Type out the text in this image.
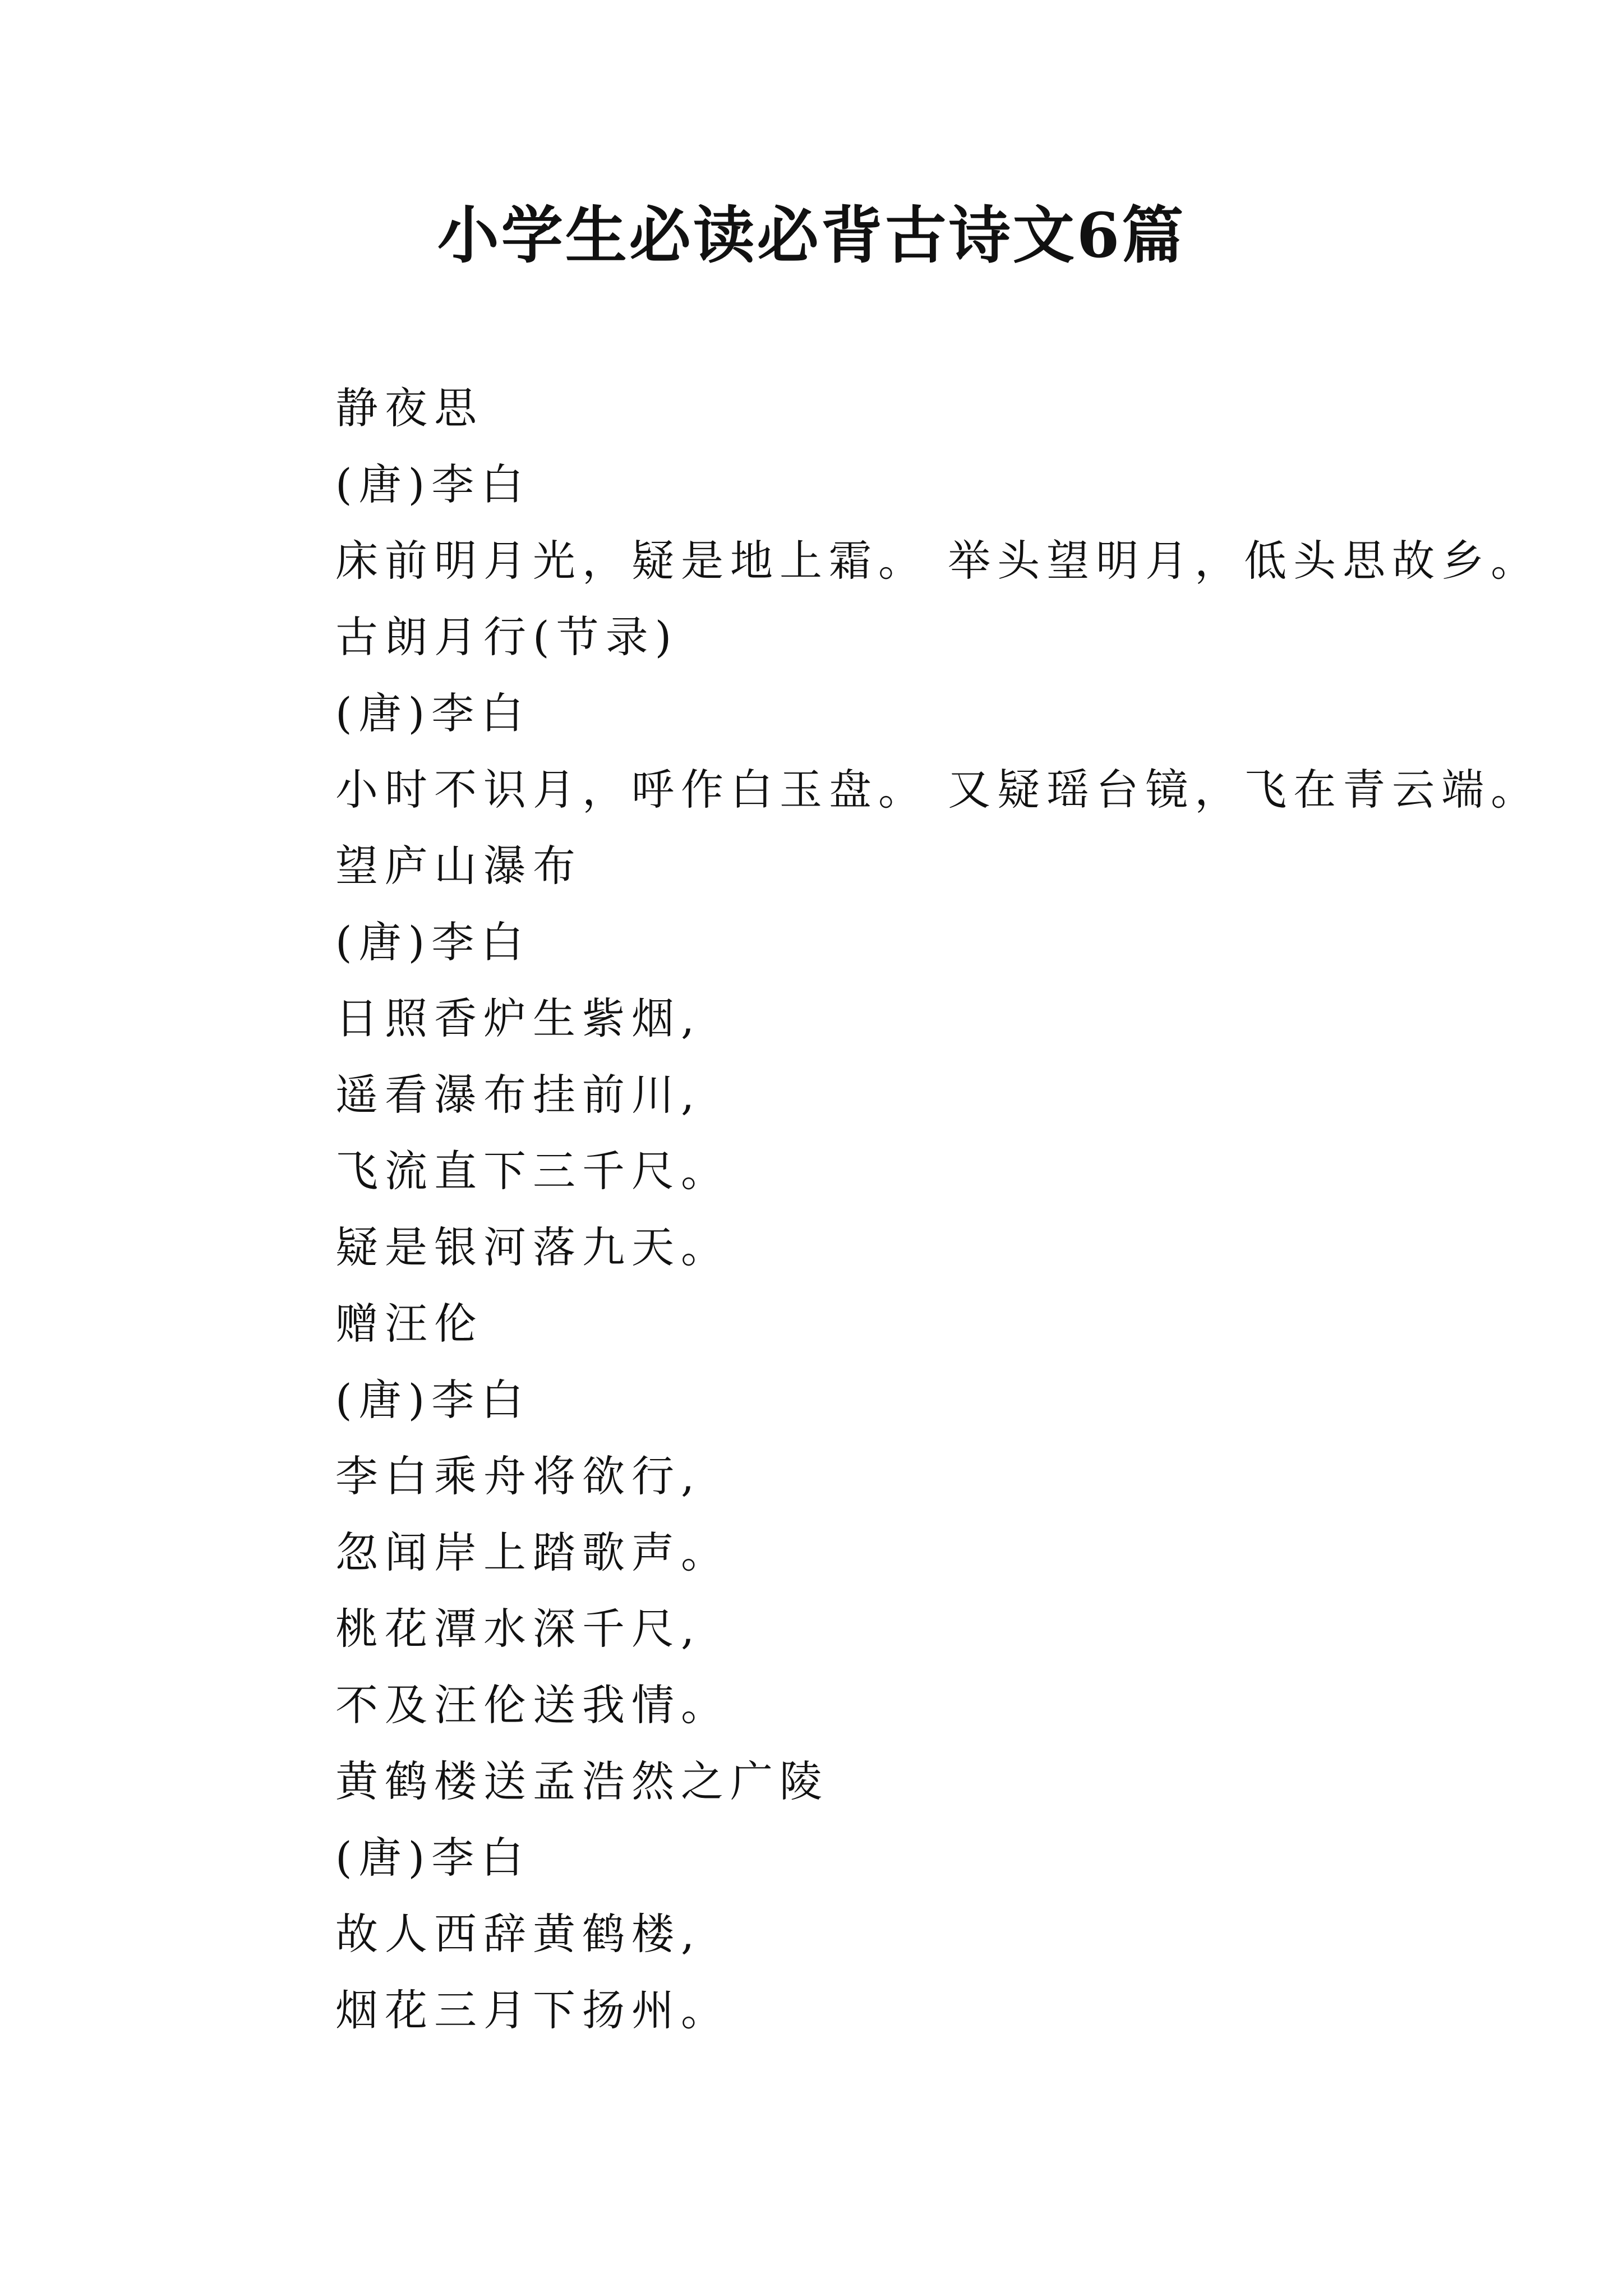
小学生必读必背古诗文6篇

静夜思

(唐)李白

床前明月光，疑是地上霜。 举头望明月，低头思故乡。

古朗月行(节录)

(唐)李白

小时不识月，呼作白玉盘。 又疑瑶台镜，飞在青云端。

望庐山瀑布

(唐)李白

日照香炉生紫烟,

遥看瀑布挂前川,

飞流直下三千尺。

疑是银河落九天。

赠汪伦

(唐)李白

李白乘舟将欲行,

忽闻岸上踏歌声。

桃花潭水深千尺,

不及汪伦送我情。

黄鹤楼送孟浩然之广陵

(唐)李白

故人西辞黄鹤楼,

烟花三月下扬州。
